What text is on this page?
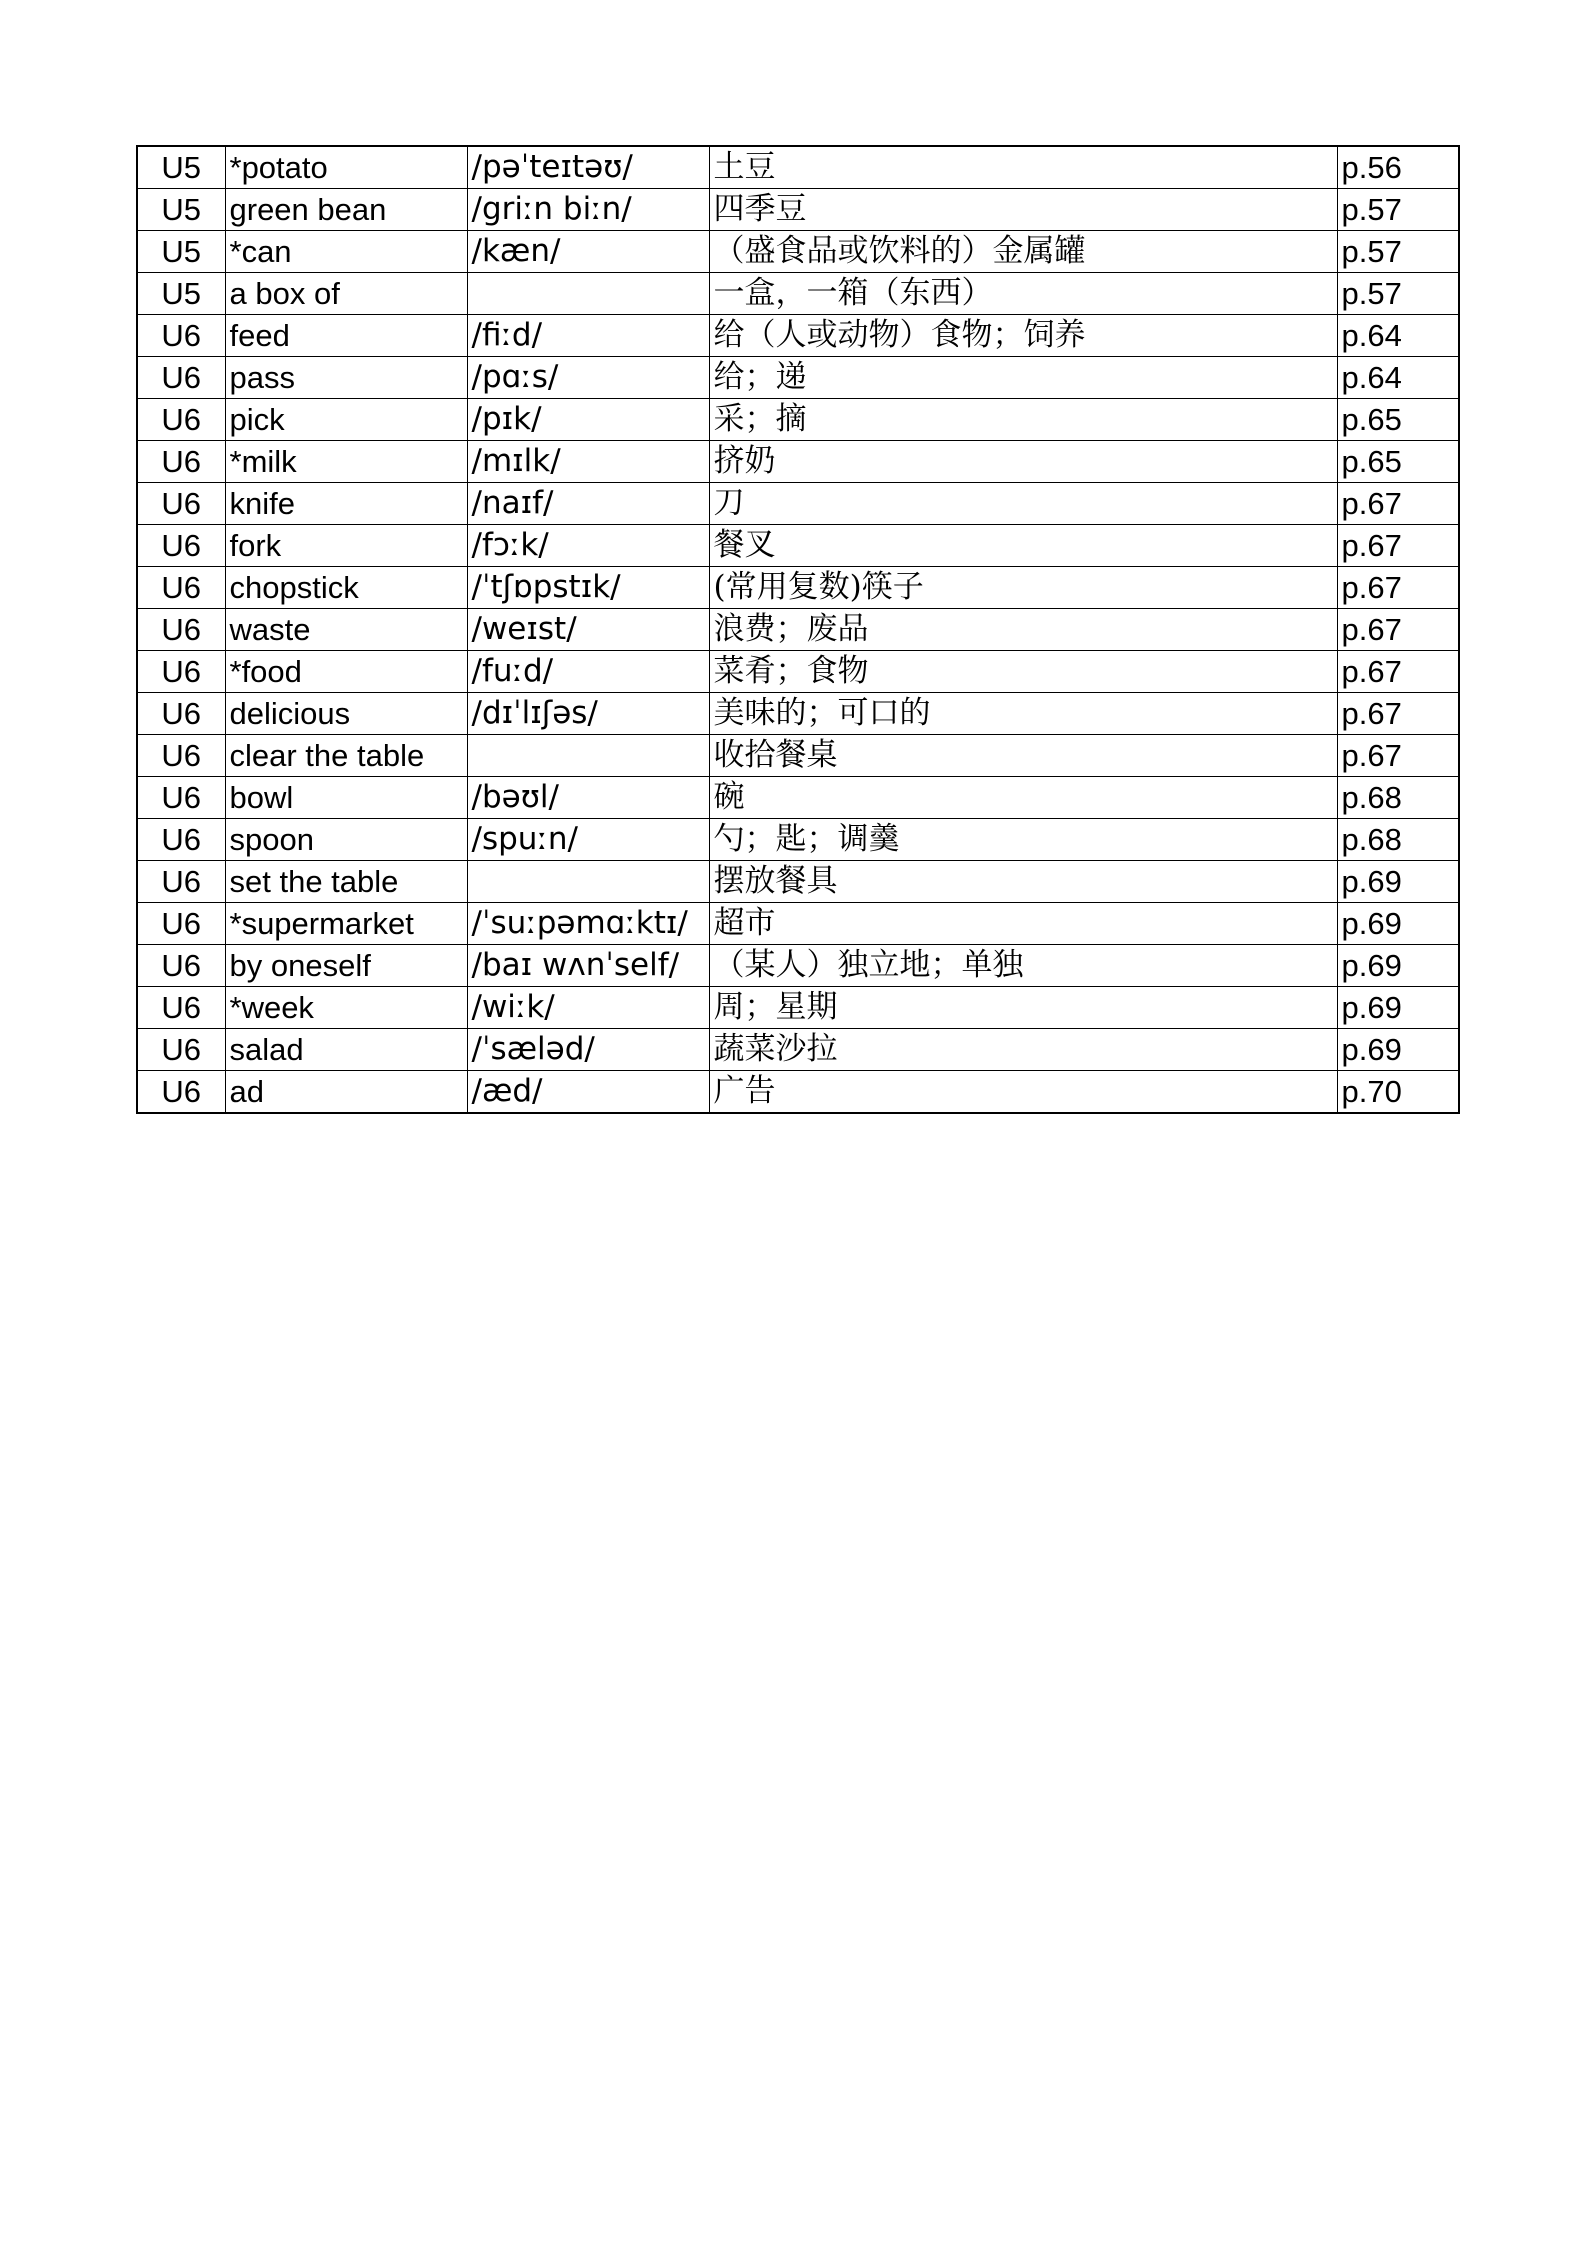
U5	*potato	/pəˈteɪtəʊ/	土豆	p.56
U5	green bean	/griːn biːn/	四季豆	p.57
U5	*can	/kæn/	（盛食品或饮料的）金属罐	p.57
U5	a box of		一盒，一箱（东西）	p.57
U6	feed	/fiːd/	给（人或动物）食物；饲养	p.64
U6	pass	/pɑːs/	给；递	p.64
U6	pick	/pɪk/	采；摘	p.65
U6	*milk	/mɪlk/	挤奶	p.65
U6	knife	/naɪf/	刀	p.67
U6	fork	/fɔːk/	餐叉	p.67
U6	chopstick	/ˈtʃɒpstɪk/	(常用复数)筷子	p.67
U6	waste	/weɪst/	浪费；废品	p.67
U6	*food	/fuːd/	菜肴；食物	p.67
U6	delicious	/dɪˈlɪʃəs/	美味的；可口的	p.67
U6	clear the table		收拾餐桌	p.67
U6	bowl	/bəʊl/	碗	p.68
U6	spoon	/spuːn/	勺；匙；调羹	p.68
U6	set the table		摆放餐具	p.69
U6	*supermarket	/ˈsuːpəmɑːktɪ/	超市	p.69
U6	by oneself	/baɪ wʌnˈself/	（某人）独立地；单独	p.69
U6	*week	/wiːk/	周；星期	p.69
U6	salad	/ˈsæləd/	蔬菜沙拉	p.69
U6	ad	/æd/	广告	p.70
